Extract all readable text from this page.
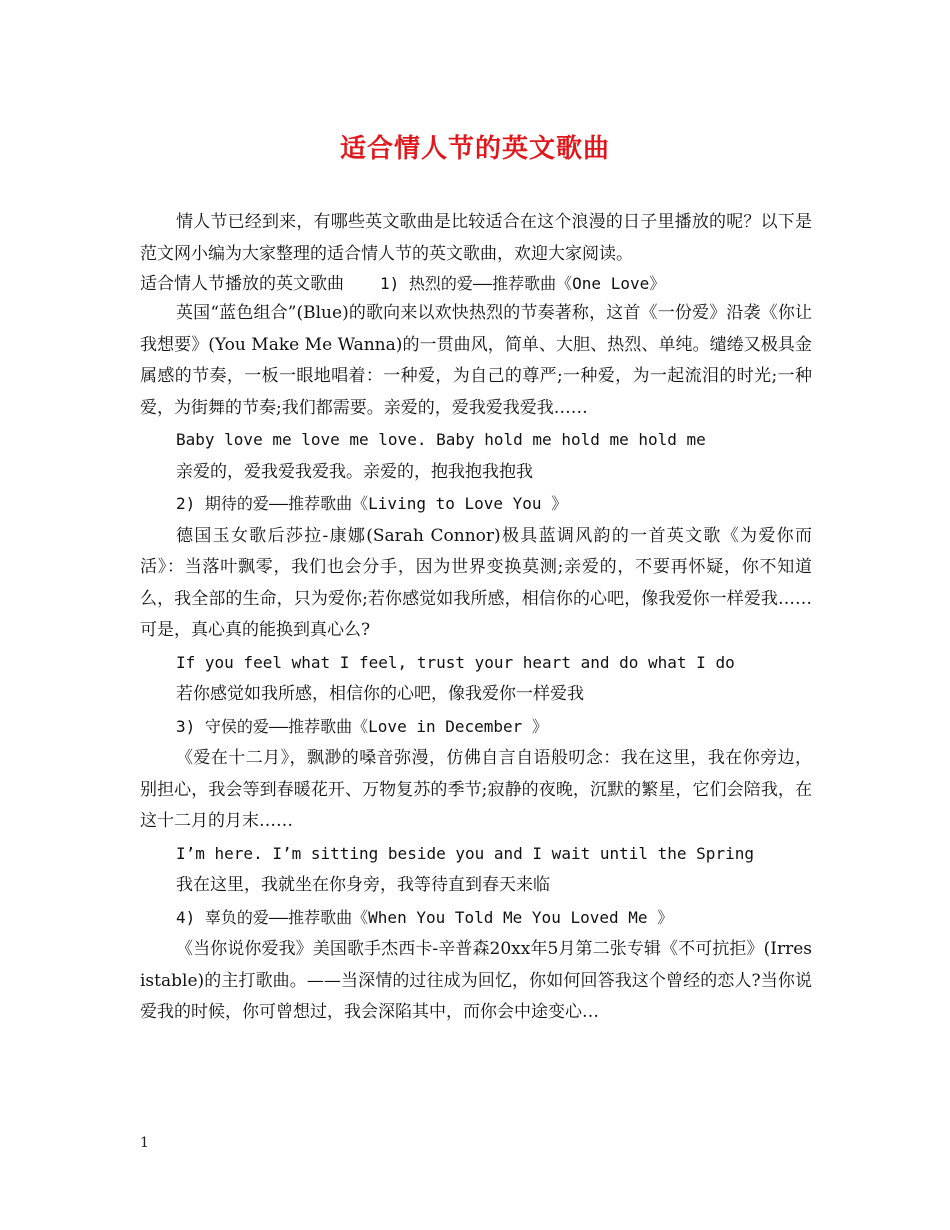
适合情人节的英文歌曲

情人节已经到来，有哪些英文歌曲是比较适合在这个浪漫的日子里播放的呢？以下是范文网小编为大家整理的适合情人节的英文歌曲，欢迎大家阅读。

适合情人节播放的英文歌曲 1) 热烈的爱——推荐歌曲《One Love》

英国“蓝色组合”(Blue)的歌向来以欢快热烈的节奏著称，这首《一份爱》沿袭《你让我想要》(You Make Me Wanna)的一贯曲风，简单、大胆、热烈、单纯。缱绻又极具金属感的节奏，一板一眼地唱着：一种爱，为自己的尊严;一种爱，为一起流泪的时光;一种爱，为街舞的节奏;我们都需要。亲爱的，爱我爱我爱我……

Baby love me love me love. Baby hold me hold me hold me

亲爱的，爱我爱我爱我。亲爱的，抱我抱我抱我

2) 期待的爱——推荐歌曲《Living to Love You 》

德国玉女歌后莎拉-康娜(Sarah Connor)极具蓝调风韵的一首英文歌《为爱你而活》：当落叶飘零，我们也会分手，因为世界变换莫测;亲爱的，不要再怀疑，你不知道么，我全部的生命，只为爱你;若你感觉如我所感，相信你的心吧，像我爱你一样爱我……可是，真心真的能换到真心么?

If you feel what I feel, trust your heart and do what I do

若你感觉如我所感，相信你的心吧，像我爱你一样爱我

3) 守侯的爱——推荐歌曲《Love in December 》

《爱在十二月》，飘渺的嗓音弥漫，仿佛自言自语般叨念：我在这里，我在你旁边，别担心，我会等到春暖花开、万物复苏的季节;寂静的夜晚，沉默的繁星，它们会陪我，在这十二月的月末……

I’m here. I’m sitting beside you and I wait until the Spring

我在这里，我就坐在你身旁，我等待直到春天来临

4) 辜负的爱——推荐歌曲《When You Told Me You Loved Me 》

《当你说你爱我》美国歌手杰西卡-辛普森20xx年5月第二张专辑《不可抗拒》(Irresistable)的主打歌曲。——当深情的过往成为回忆，你如何回答我这个曾经的恋人?当你说爱我的时候，你可曾想过，我会深陷其中，而你会中途变心…

1
